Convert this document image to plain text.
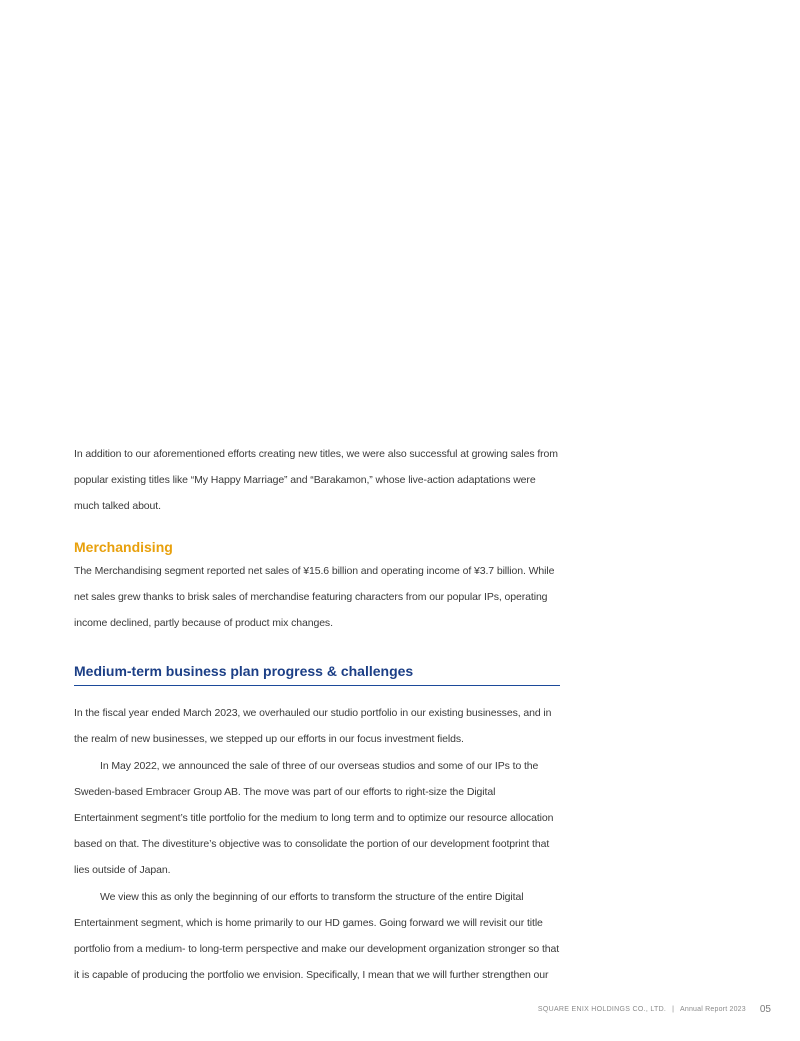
In addition to our aforementioned efforts creating new titles, we were also successful at growing sales from popular existing titles like “My Happy Marriage” and “Barakamon,” whose live-action adaptations were much talked about.

Merchandising

The Merchandising segment reported net sales of ¥15.6 billion and operating income of ¥3.7 billion. While net sales grew thanks to brisk sales of merchandise featuring characters from our popular IPs, operating income declined, partly because of product mix changes.

Medium-term business plan progress & challenges

In the fiscal year ended March 2023, we overhauled our studio portfolio in our existing businesses, and in the realm of new businesses, we stepped up our efforts in our focus investment fields.

In May 2022, we announced the sale of three of our overseas studios and some of our IPs to the Sweden-based Embracer Group AB. The move was part of our efforts to right-size the Digital Entertainment segment’s title portfolio for the medium to long term and to optimize our resource allocation based on that. The divestiture’s objective was to consolidate the portion of our development footprint that lies outside of Japan.

We view this as only the beginning of our efforts to transform the structure of the entire Digital Entertainment segment, which is home primarily to our HD games. Going forward we will revisit our title portfolio from a medium- to long-term perspective and make our development organization stronger so that it is capable of producing the portfolio we envision. Specifically, I mean that we will further strengthen our

SQUARE ENIX HOLDINGS CO., LTD. | Annual Report 2023 05
